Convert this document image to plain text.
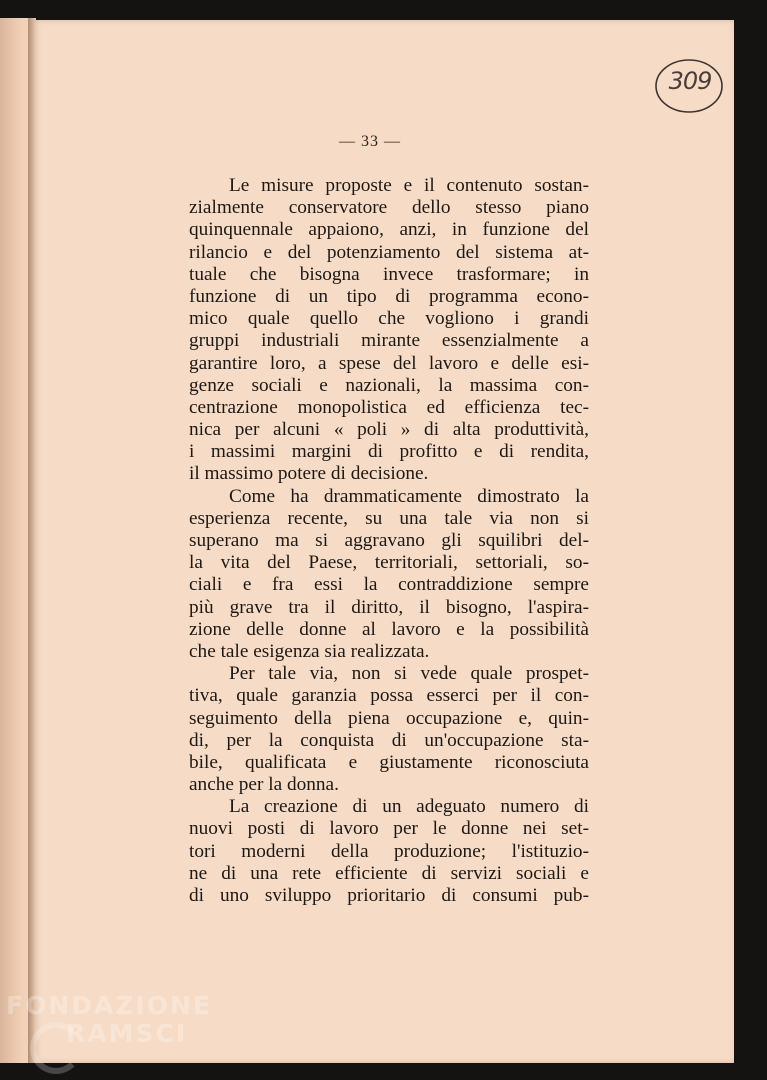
309
— 33 —
Le misure proposte e il contenuto sostan-
zialmente conservatore dello stesso piano
quinquennale appaiono, anzi, in funzione del
rilancio e del potenziamento del sistema at-
tuale che bisogna invece trasformare; in
funzione di un tipo di programma econo-
mico quale quello che vogliono i grandi
gruppi industriali mirante essenzialmente a
garantire loro, a spese del lavoro e delle esi-
genze sociali e nazionali, la massima con-
centrazione monopolistica ed efficienza tec-
nica per alcuni « poli » di alta produttività,
i massimi margini di profitto e di rendita,
il massimo potere di decisione.
Come ha drammaticamente dimostrato la
esperienza recente, su una tale via non si
superano ma si aggravano gli squilibri del-
la vita del Paese, territoriali, settoriali, so-
ciali e fra essi la contraddizione sempre
più grave tra il diritto, il bisogno, l'aspira-
zione delle donne al lavoro e la possibilità
che tale esigenza sia realizzata.
Per tale via, non si vede quale prospet-
tiva, quale garanzia possa esserci per il con-
seguimento della piena occupazione e, quin-
di, per la conquista di un'occupazione sta-
bile, qualificata e giustamente riconosciuta
anche per la donna.
La creazione di un adeguato numero di
nuovi posti di lavoro per le donne nei set-
tori moderni della produzione; l'istituzio-
ne di una rete efficiente di servizi sociali e
di uno sviluppo prioritario di consumi pub-
FONDAZIONE
RAMSCI
